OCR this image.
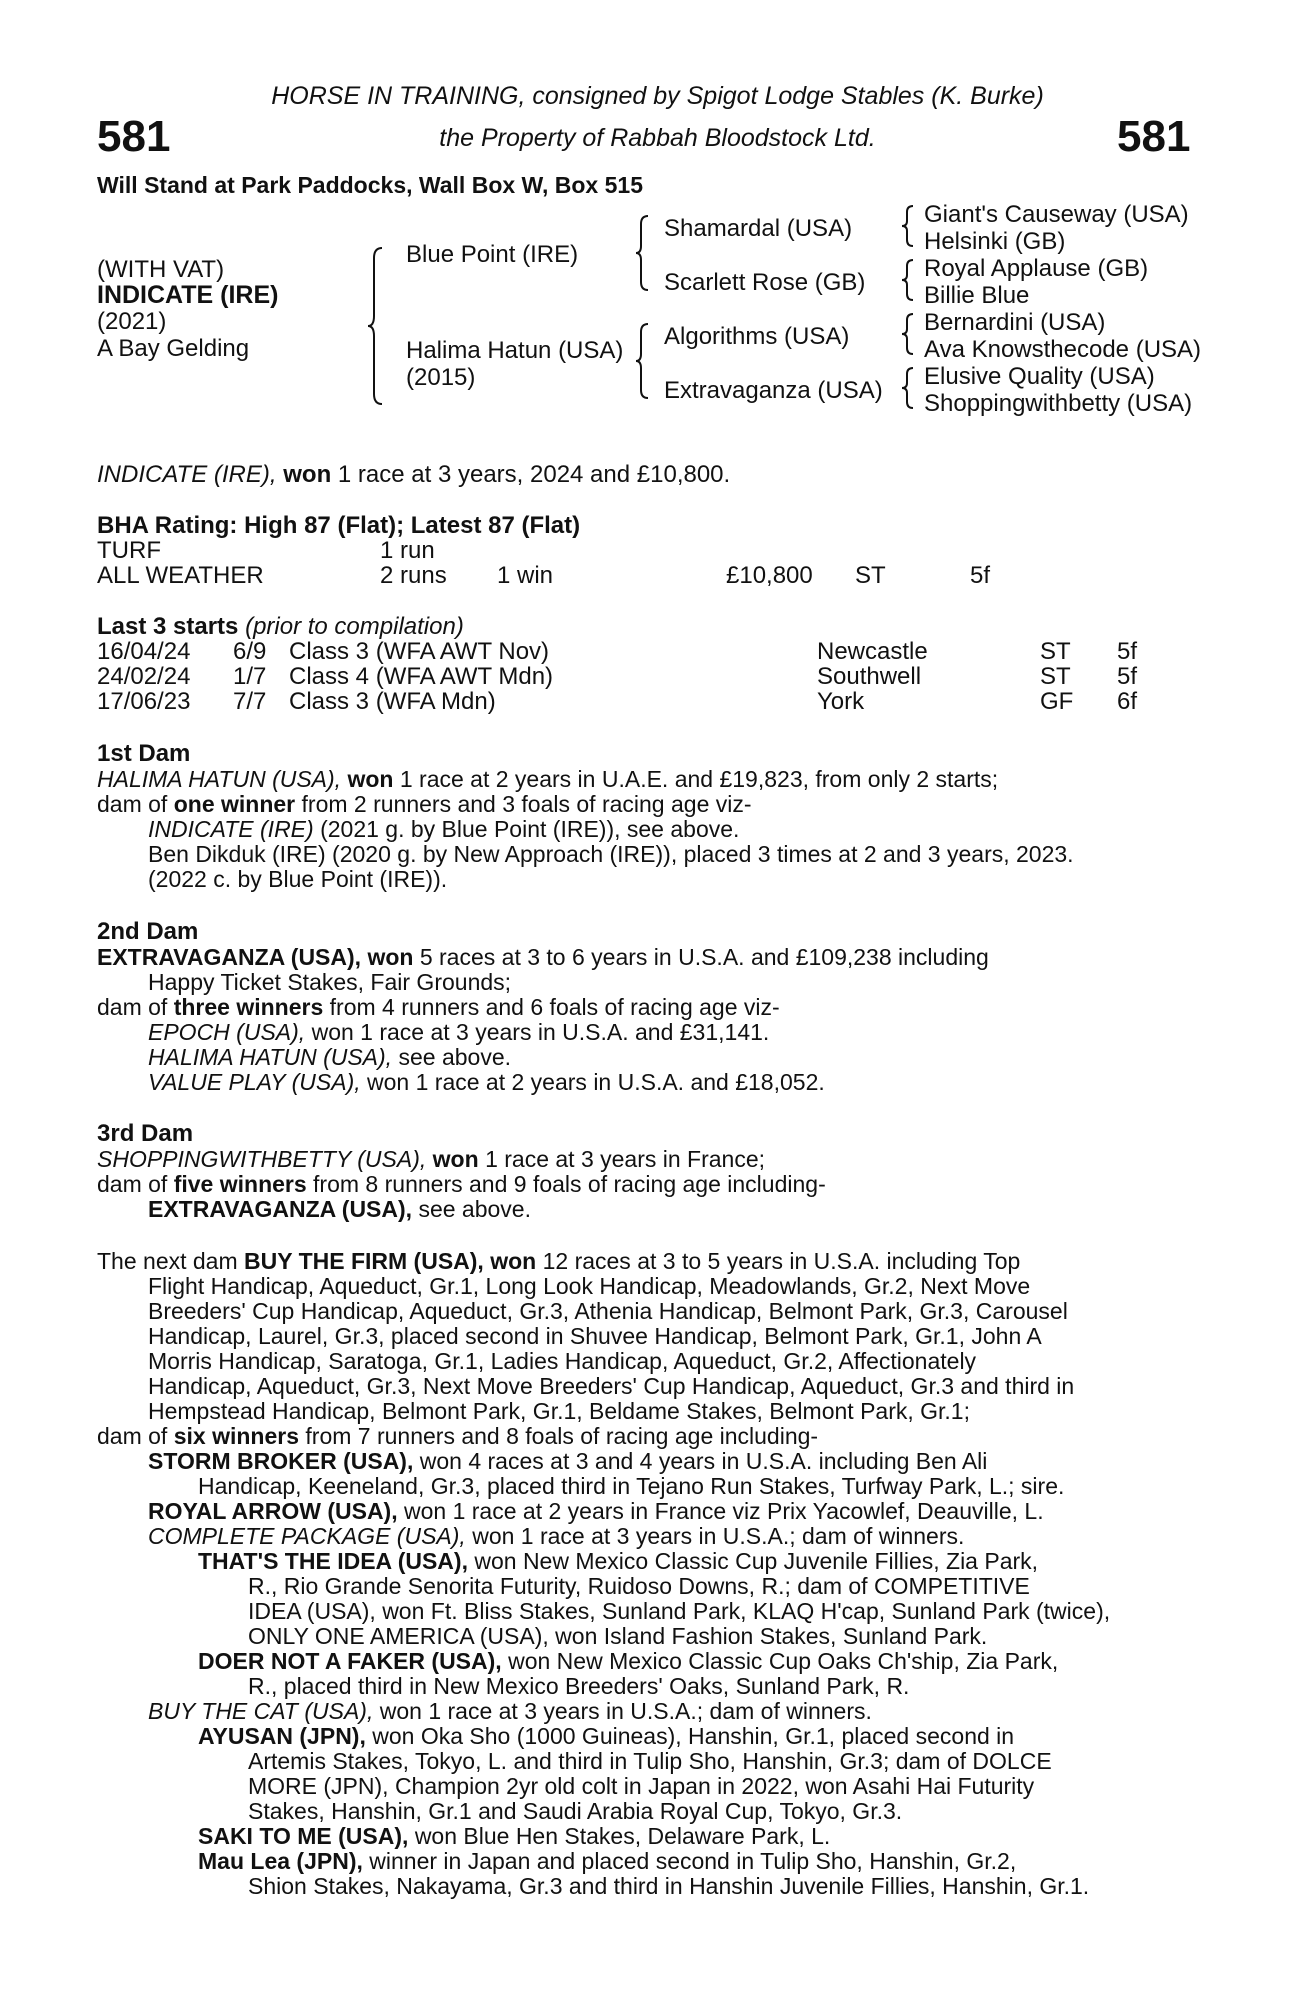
581	581
HORSE IN TRAINING, consigned by Spigot Lodge Stables (K. Burke)
the Property of Rabbah Bloodstock Ltd.
Will Stand at Park Paddocks, Wall Box W, Box 515
(WITH VAT)
INDICATE (IRE)
(2021)
A Bay Gelding
Blue Point (IRE)
Halima Hatun (USA)
(2015)
Shamardal (USA)
Scarlett Rose (GB)
Algorithms (USA)
Extravaganza (USA)
Giant's Causeway (USA)
Helsinki (GB)
Royal Applause (GB)
Billie Blue
Bernardini (USA)
Ava Knowsthecode (USA)
Elusive Quality (USA)
Shoppingwithbetty (USA)
INDICATE (IRE), won 1 race at 3 years, 2024 and £10,800.
BHA Rating: High 87 (Flat); Latest 87 (Flat)
TURF	1 run
ALL WEATHER	2 runs 1 win	£10,800 ST	5f
Last 3 starts (prior to compilation)
16/04/24 6/9 Class 3 (WFA AWT Nov)	Newcastle	ST 5f
24/02/24 1/7 Class 4 (WFA AWT Mdn)	Southwell	ST 5f
17/06/23 7/7 Class 3 (WFA Mdn)	York	GF 6f
1st Dam
HALIMA HATUN (USA), won 1 race at 2 years in U.A.E. and £19,823, from only 2 starts;
dam of one winner from 2 runners and 3 foals of racing age viz-
INDICATE (IRE) (2021 g. by Blue Point (IRE)), see above.
Ben Dikduk (IRE) (2020 g. by New Approach (IRE)), placed 3 times at 2 and 3 years, 2023.
(2022 c. by Blue Point (IRE)).
2nd Dam
EXTRAVAGANZA (USA), won 5 races at 3 to 6 years in U.S.A. and £109,238 including
Happy Ticket Stakes, Fair Grounds;
dam of three winners from 4 runners and 6 foals of racing age viz-
EPOCH (USA), won 1 race at 3 years in U.S.A. and £31,141.
HALIMA HATUN (USA), see above.
VALUE PLAY (USA), won 1 race at 2 years in U.S.A. and £18,052.
3rd Dam
SHOPPINGWITHBETTY (USA), won 1 race at 3 years in France;
dam of five winners from 8 runners and 9 foals of racing age including-
EXTRAVAGANZA (USA), see above.
The next dam BUY THE FIRM (USA), won 12 races at 3 to 5 years in U.S.A. including Top
Flight Handicap, Aqueduct, Gr.1, Long Look Handicap, Meadowlands, Gr.2, Next Move
Breeders' Cup Handicap, Aqueduct, Gr.3, Athenia Handicap, Belmont Park, Gr.3, Carousel
Handicap, Laurel, Gr.3, placed second in Shuvee Handicap, Belmont Park, Gr.1, John A
Morris Handicap, Saratoga, Gr.1, Ladies Handicap, Aqueduct, Gr.2, Affectionately
Handicap, Aqueduct, Gr.3, Next Move Breeders' Cup Handicap, Aqueduct, Gr.3 and third in
Hempstead Handicap, Belmont Park, Gr.1, Beldame Stakes, Belmont Park, Gr.1;
dam of six winners from 7 runners and 8 foals of racing age including-
STORM BROKER (USA), won 4 races at 3 and 4 years in U.S.A. including Ben Ali
Handicap, Keeneland, Gr.3, placed third in Tejano Run Stakes, Turfway Park, L.; sire.
ROYAL ARROW (USA), won 1 race at 2 years in France viz Prix Yacowlef, Deauville, L.
COMPLETE PACKAGE (USA), won 1 race at 3 years in U.S.A.; dam of winners.
THAT'S THE IDEA (USA), won New Mexico Classic Cup Juvenile Fillies, Zia Park,
R., Rio Grande Senorita Futurity, Ruidoso Downs, R.; dam of COMPETITIVE
IDEA (USA), won Ft. Bliss Stakes, Sunland Park, KLAQ H'cap, Sunland Park (twice),
ONLY ONE AMERICA (USA), won Island Fashion Stakes, Sunland Park.
DOER NOT A FAKER (USA), won New Mexico Classic Cup Oaks Ch'ship, Zia Park,
R., placed third in New Mexico Breeders' Oaks, Sunland Park, R.
BUY THE CAT (USA), won 1 race at 3 years in U.S.A.; dam of winners.
AYUSAN (JPN), won Oka Sho (1000 Guineas), Hanshin, Gr.1, placed second in
Artemis Stakes, Tokyo, L. and third in Tulip Sho, Hanshin, Gr.3; dam of DOLCE
MORE (JPN), Champion 2yr old colt in Japan in 2022, won Asahi Hai Futurity
Stakes, Hanshin, Gr.1 and Saudi Arabia Royal Cup, Tokyo, Gr.3.
SAKI TO ME (USA), won Blue Hen Stakes, Delaware Park, L.
Mau Lea (JPN), winner in Japan and placed second in Tulip Sho, Hanshin, Gr.2,
Shion Stakes, Nakayama, Gr.3 and third in Hanshin Juvenile Fillies, Hanshin, Gr.1.
